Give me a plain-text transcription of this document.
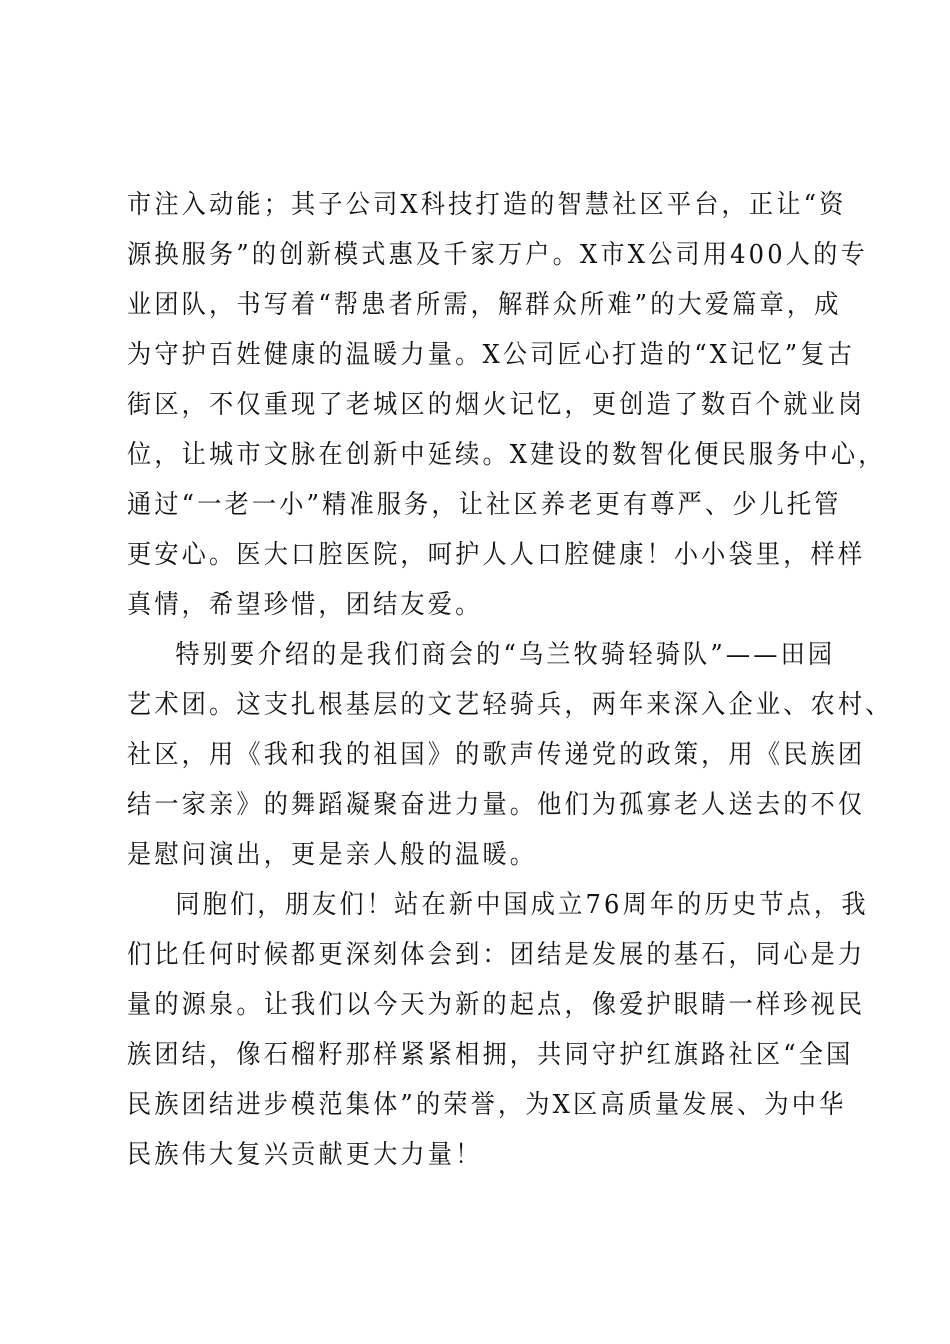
市注入动能；其子公司X科技打造的智慧社区平台，正让“资
源换服务”的创新模式惠及千家万户。X市X公司用400人的专
业团队，书写着“帮患者所需，解群众所难”的大爱篇章，成
为守护百姓健康的温暖力量。X公司匠心打造的“X记忆”复古
街区，不仅重现了老城区的烟火记忆，更创造了数百个就业岗
位，让城市文脉在创新中延续。X建设的数智化便民服务中心，
通过“一老一小”精准服务，让社区养老更有尊严、少儿托管
更安心。医大口腔医院，呵护人人口腔健康！小小袋里，样样
真情，希望珍惜，团结友爱。
特别要介绍的是我们商会的“乌兰牧骑轻骑队”——田园
艺术团。这支扎根基层的文艺轻骑兵，两年来深入企业、农村、
社区，用《我和我的祖国》的歌声传递党的政策，用《民族团
结一家亲》的舞蹈凝聚奋进力量。他们为孤寡老人送去的不仅
是慰问演出，更是亲人般的温暖。
同胞们，朋友们！站在新中国成立76周年的历史节点，我
们比任何时候都更深刻体会到：团结是发展的基石，同心是力
量的源泉。让我们以今天为新的起点，像爱护眼睛一样珍视民
族团结，像石榴籽那样紧紧相拥，共同守护红旗路社区“全国
民族团结进步模范集体”的荣誉，为X区高质量发展、为中华
民族伟大复兴贡献更大力量！
